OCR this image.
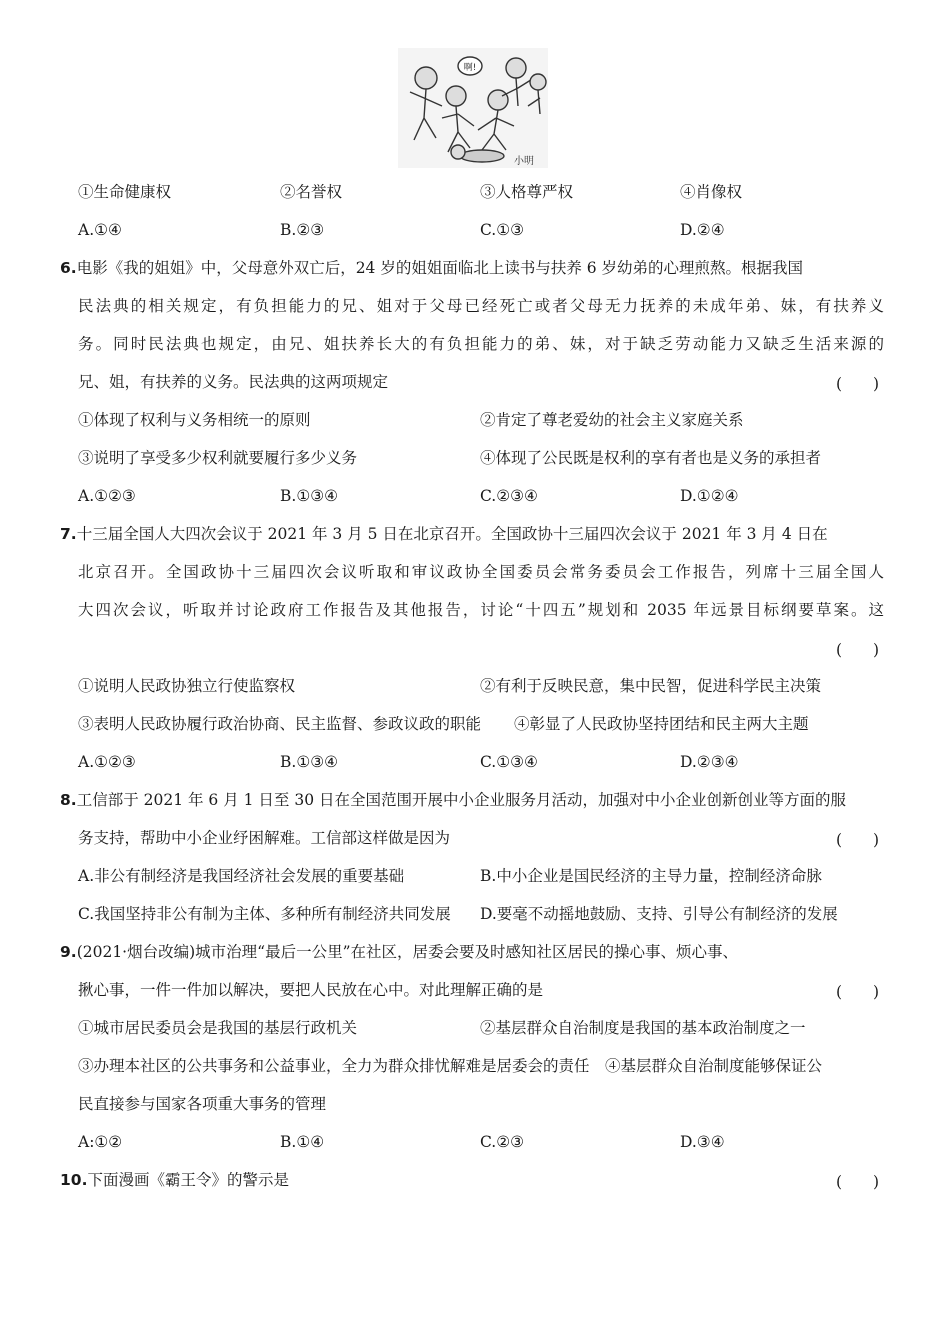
啊!
小明
①生命健康权	②名誉权	③人格尊严权	④肖像权
A.①④	B.②③	C.①③	D.②④
6.电影《我的姐姐》中，父母意外双亡后，24 岁的姐姐面临北上读书与扶养 6 岁幼弟的心理煎熬。根据我国
民法典的相关规定，有负担能力的兄、姐对于父母已经死亡或者父母无力抚养的未成年弟、妹，有扶养义
务。同时民法典也规定，由兄、姐扶养长大的有负担能力的弟、妹，对于缺乏劳动能力又缺乏生活来源的
兄、姐，有扶养的义务。民法典的这两项规定	(　　)
①体现了权利与义务相统一的原则	②肯定了尊老爱幼的社会主义家庭关系
③说明了享受多少权利就要履行多少义务	④体现了公民既是权利的享有者也是义务的承担者
A.①②③	B.①③④	C.②③④	D.①②④
7.十三届全国人大四次会议于 2021 年 3 月 5 日在北京召开。全国政协十三届四次会议于 2021 年 3 月 4 日在
北京召开。全国政协十三届四次会议听取和审议政协全国委员会常务委员会工作报告，列席十三届全国人
大四次会议，听取并讨论政府工作报告及其他报告，讨论“十四五”规划和 2035 年远景目标纲要草案。这
(　　)
①说明人民政协独立行使监察权	②有利于反映民意，集中民智，促进科学民主决策
③表明人民政协履行政治协商、民主监督、参政议政的职能 ④彰显了人民政协坚持团结和民主两大主题
A.①②③	B.①③④	C.①③④	D.②③④
8.工信部于 2021 年 6 月 1 日至 30 日在全国范围开展中小企业服务月活动，加强对中小企业创新创业等方面的服
务支持，帮助中小企业纾困解难。工信部这样做是因为	(　　)
A.非公有制经济是我国经济社会发展的重要基础	B.中小企业是国民经济的主导力量，控制经济命脉
C.我国坚持非公有制为主体、多种所有制经济共同发展 D.要毫不动摇地鼓励、支持、引导公有制经济的发展
9.(2021·烟台改编)城市治理“最后一公里”在社区，居委会要及时感知社区居民的操心事、烦心事、
揪心事，一件一件加以解决，要把人民放在心中。对此理解正确的是	(　　)
①城市居民委员会是我国的基层行政机关	②基层群众自治制度是我国的基本政治制度之一
③办理本社区的公共事务和公益事业，全力为群众排忧解难是居委会的责任　④基层群众自治制度能够保证公
民直接参与国家各项重大事务的管理
A:①②	B.①④	C.②③	D.③④
10.下面漫画《霸王令》的警示是	(　　)
